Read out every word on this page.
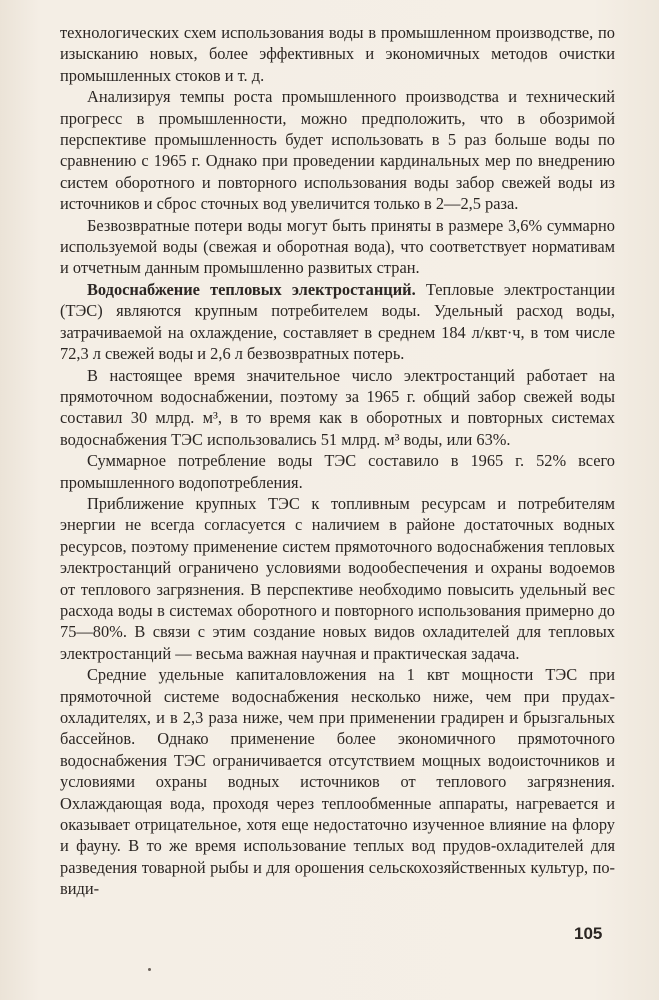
технологических схем использования воды в промышленном производстве, по изысканию новых, более эффективных и экономичных методов очистки промышленных стоков и т. д.

Анализируя темпы роста промышленного производства и технический прогресс в промышленности, можно предположить, что в обозримой перспективе промышленность будет использовать в 5 раз больше воды по сравнению с 1965 г. Однако при проведении кардинальных мер по внедрению систем оборотного и повторного использования воды забор свежей воды из источников и сброс сточных вод увеличится только в 2—2,5 раза.

Безвозвратные потери воды могут быть приняты в размере 3,6% суммарно используемой воды (свежая и оборотная вода), что соответствует нормативам и отчетным данным промышленно развитых стран.

Водоснабжение тепловых электростанций. Тепловые электростанции (ТЭС) являются крупным потребителем воды. Удельный расход воды, затрачиваемой на охлаждение, составляет в среднем 184 л/квт·ч, в том числе 72,3 л свежей воды и 2,6 л безвозвратных потерь.

В настоящее время значительное число электростанций работает на прямоточном водоснабжении, поэтому за 1965 г. общий забор свежей воды составил 30 млрд. м³, в то время как в оборотных и повторных системах водоснабжения ТЭС использовались 51 млрд. м³ воды, или 63%.

Суммарное потребление воды ТЭС составило в 1965 г. 52% всего промышленного водопотребления.

Приближение крупных ТЭС к топливным ресурсам и потребителям энергии не всегда согласуется с наличием в районе достаточных водных ресурсов, поэтому применение систем прямоточного водоснабжения тепловых электростанций ограничено условиями водообеспечения и охраны водоемов от теплового загрязнения. В перспективе необходимо повысить удельный вес расхода воды в системах оборотного и повторного использования примерно до 75—80%. В связи с этим создание новых видов охладителей для тепловых электростанций — весьма важная научная и практическая задача.

Средние удельные капиталовложения на 1 квт мощности ТЭС при прямоточной системе водоснабжения несколько ниже, чем при прудах-охладителях, и в 2,3 раза ниже, чем при применении градирен и брызгальных бассейнов. Однако применение более экономичного прямоточного водоснабжения ТЭС ограничивается отсутствием мощных водоисточников и условиями охраны водных источников от теплового загрязнения. Охлаждающая вода, проходя через теплообменные аппараты, нагревается и оказывает отрицательное, хотя еще недостаточно изученное влияние на флору и фауну. В то же время использование теплых вод прудов-охладителей для разведения товарной рыбы и для орошения сельскохозяйственных культур, по-види-

105
